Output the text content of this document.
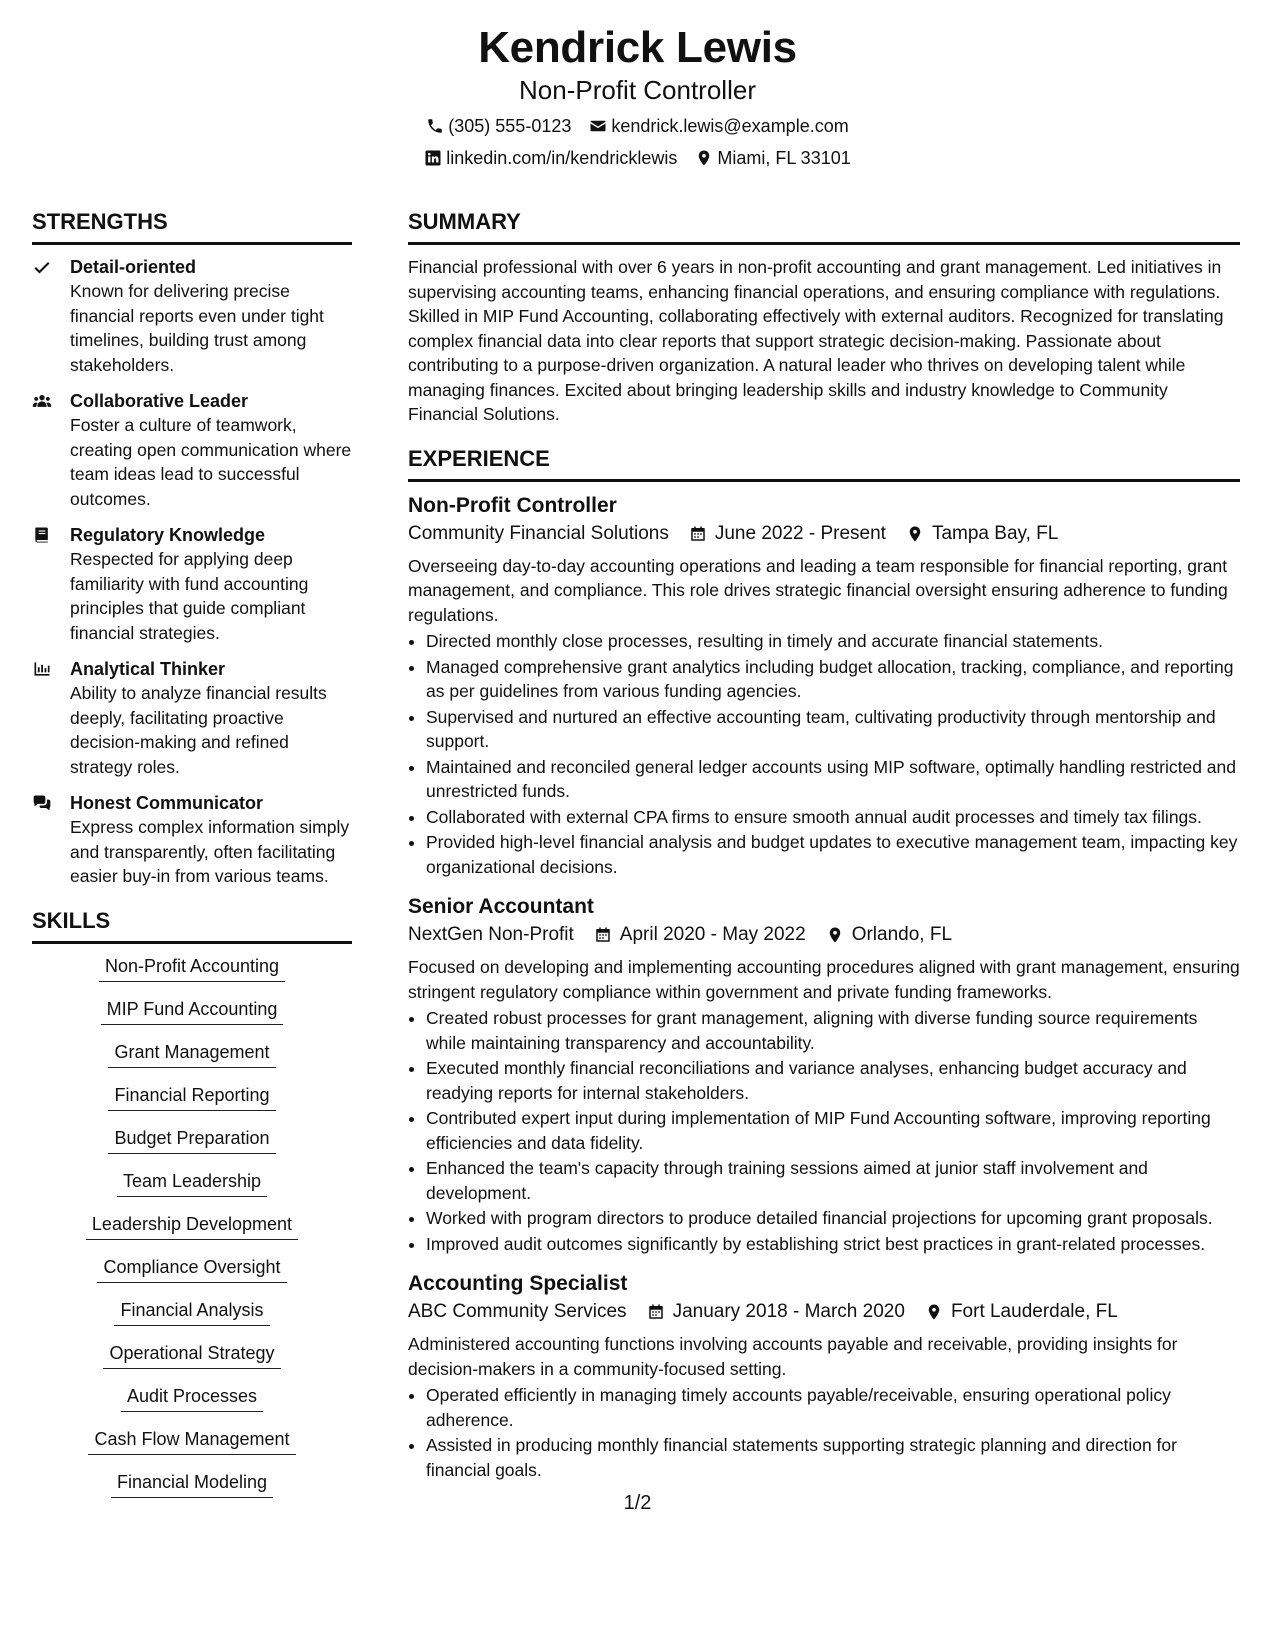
Kendrick Lewis
Non-Profit Controller
(305) 555-0123 kendrick.lewis@example.com
linkedin.com/in/kendricklewis Miami, FL 33101
STRENGTHS
Detail-oriented
Known for delivering precise financial reports even under tight timelines, building trust among stakeholders.
Collaborative Leader
Foster a culture of teamwork, creating open communication where team ideas lead to successful outcomes.
Regulatory Knowledge
Respected for applying deep familiarity with fund accounting principles that guide compliant financial strategies.
Analytical Thinker
Ability to analyze financial results deeply, facilitating proactive decision-making and refined strategy roles.
Honest Communicator
Express complex information simply and transparently, often facilitating easier buy-in from various teams.
SKILLS
Non-Profit Accounting
MIP Fund Accounting
Grant Management
Financial Reporting
Budget Preparation
Team Leadership
Leadership Development
Compliance Oversight
Financial Analysis
Operational Strategy
Audit Processes
Cash Flow Management
Financial Modeling
SUMMARY

Financial professional with over 6 years in non-profit accounting and grant management. Led initiatives in supervising accounting teams, enhancing financial operations, and ensuring compliance with regulations. Skilled in MIP Fund Accounting, collaborating effectively with external auditors. Recognized for translating complex financial data into clear reports that support strategic decision-making. Passionate about contributing to a purpose-driven organization. A natural leader who thrives on developing talent while managing finances. Excited about bringing leadership skills and industry knowledge to Community Financial Solutions.

EXPERIENCE
Non-Profit Controller
Community Financial Solutions June 2022 - Present Tampa Bay, FL

Overseeing day-to-day accounting operations and leading a team responsible for financial reporting, grant management, and compliance. This role drives strategic financial oversight ensuring adherence to funding regulations.

• Directed monthly close processes, resulting in timely and accurate financial statements.
• Managed comprehensive grant analytics including budget allocation, tracking, compliance, and reporting as per guidelines from various funding agencies.
• Supervised and nurtured an effective accounting team, cultivating productivity through mentorship and support.
• Maintained and reconciled general ledger accounts using MIP software, optimally handling restricted and unrestricted funds.
• Collaborated with external CPA firms to ensure smooth annual audit processes and timely tax filings.
• Provided high-level financial analysis and budget updates to executive management team, impacting key organizational decisions.
Senior Accountant
NextGen Non-Profit April 2020 - May 2022 Orlando, FL

Focused on developing and implementing accounting procedures aligned with grant management, ensuring stringent regulatory compliance within government and private funding frameworks.

• Created robust processes for grant management, aligning with diverse funding source requirements while maintaining transparency and accountability.
• Executed monthly financial reconciliations and variance analyses, enhancing budget accuracy and readying reports for internal stakeholders.
• Contributed expert input during implementation of MIP Fund Accounting software, improving reporting efficiencies and data fidelity.
• Enhanced the team's capacity through training sessions aimed at junior staff involvement and development.
• Worked with program directors to produce detailed financial projections for upcoming grant proposals.
• Improved audit outcomes significantly by establishing strict best practices in grant-related processes.
Accounting Specialist
ABC Community Services January 2018 - March 2020 Fort Lauderdale, FL

Administered accounting functions involving accounts payable and receivable, providing insights for decision-makers in a community-focused setting.

• Operated efficiently in managing timely accounts payable/receivable, ensuring operational policy adherence.
• Assisted in producing monthly financial statements supporting strategic planning and direction for financial goals.
1/2
